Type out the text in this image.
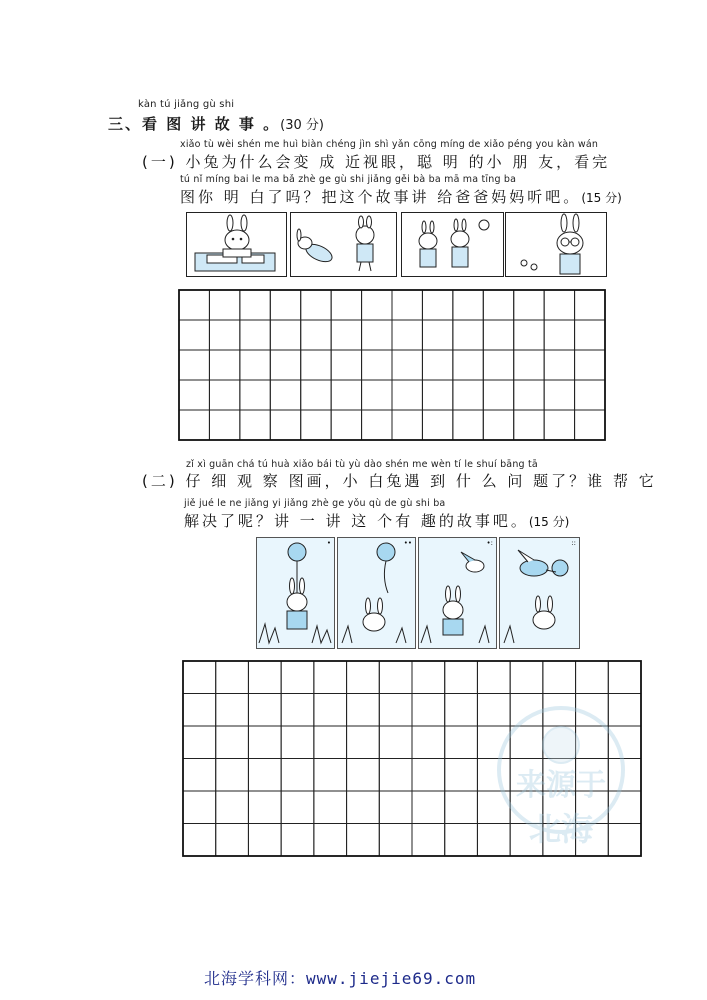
kàn tú jiǎng gù shi
三、看 图 讲 故 事 。(30 分)
xiǎo tù wèi shén me huì biàn chéng jìn shì yǎn cōng míng de xiǎo péng you kàn wán
(一) 小兔为什么会变 成 近视眼，聪 明 的小 朋 友，看完
tú nǐ míng bai le ma bǎ zhè ge gù shi jiǎng gěi bà ba mā ma tīng ba
图你 明 白了吗？把这个故事讲 给爸爸妈妈听吧。(15 分)
zǐ xì guān chá tú huà xiǎo bái tù yù dào shén me wèn tí le shuí bāng tā
(二) 仔 细 观 察 图画，小 白兔遇 到 什 么 问 题了？谁 帮 它
jiě jué le ne jiǎng yi jiǎng zhè ge yǒu qù de gù shi ba
解决了呢？讲 一 讲 这 个有 趣的故事吧。(15 分)
•	••	•:	::
来源于
北海
北海学科网：www.jiejie69.com
